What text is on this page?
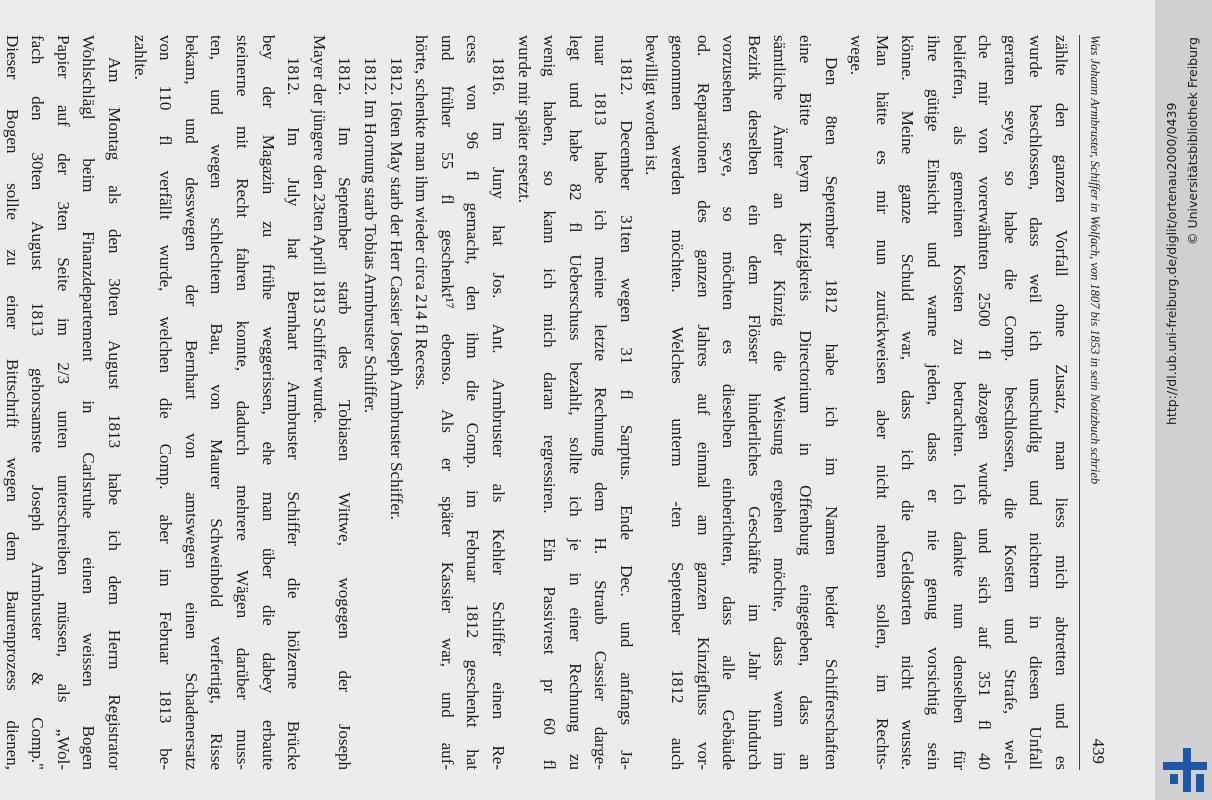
Was Johann Armbruster, Schiffer in Wolfach, von 1807 bis 1853 in sein Notizbuch schrieb
439
zählte den ganzen Vorfall ohne Zusatz, man liess mich abtretten und es
wurde beschlossen, dass weil ich unschuldig und nichtern in diesen Unfall
geraten seye, so habe die Comp. beschlossen, die Kosten und Strafe, wel-
che mir von vorerwähnten 2500 fl abzogen wurde und sich auf 351 fl 40
belieffen, als gemeinen Kosten zu betrachten. Ich dankte nun denselben für
ihre gütige Einsicht und warne jeden, dass er nie genug vorsichtig sein
könne. Meine ganze Schuld war, dass ich die Geldsorten nicht wusste.
Man hätte es mir nun zurückweisen aber nicht nehmen sollen, im Rechts-
wege.
Den 8ten September 1812 habe ich im Namen beider Schifferschaften
eine Bitte beym Kinzigkreis Directorium in Offenburg eingegeben, dass an
sämtliche Ämter an der Kinzig die Weisung ergehen möchte, dass wenn im
Bezirk derselben ein dem Flösser hinderliches Geschäfte im Jahr hindurch
vorzusehen seye, so möchten es dieselben einberichten, dass alle Gebäude
od. Reparationen des ganzen Jahres auf einmal am ganzen Kinzigfluss vor-
genommen werden möchten. Welches unterm -ten September 1812 auch
bewilligt worden ist.
1812. December 31ten wegen 31 fl Sarptus. Ende Dec. und anfangs Ja-
nuar 1813 habe ich meine letzte Rechnung dem H. Straub Cassier darge-
legt und habe 82 fl Ueberschuss bezahlt, sollte ich je in einer Rechnung zu
wenig haben, so kann ich mich daran regressiren. Ein Passivrest pr 60 fl
wurde mir später ersetzt.
1816. Im Juny hat Jos. Ant. Armbruster als Kehler Schiffer einen Re-
cess von 96 fl gemacht, den ihm die Comp. im Februar 1812 geschenkt hat
und früher 55 fl geschenkt¹⁷ ebenso. Als er später Kassier war, und auf-
hörte, schenkte man ihm wieder circa 214 fl Recess.
1812. 16ten May starb der Herr Cassier Joseph Armbruster Schiffer.
1812. Im Hornung starb Tobias Armbruster Schiffer.
1812. Im September starb des Tobiasen Wittwe, wogegen der Joseph
Mayer der jüngere den 23ten Aprill 1813 Schiffer wurde.
1812. Im July hat Bernhart Armbruster Schiffer die hölzerne Brücke
bey der Magazin zu frühe weggerissen, ehe man über die dabey erbaute
steinerne mit Recht fahren konnte, dadurch mehrere Wägen darüber muss-
ten, und wegen schlechtem Bau, von Maurer Schweinbold verfertigt, Risse
bekam, und desswegen der Bernhart von amtswegen einen Schadenersatz
von 110 fl verfällt wurde, welchen die Comp. aber im Februar 1813 be-
zahlte.
Am Montag als den 30ten August 1813 habe ich dem Herrn Registrator
Wohlschlägl beim Finanzdepartement in Carlsruhe einen weissen Bogen
Papier auf der 3ten Seite im 2/3 unten unterschreiben müssen, als „Wol-
fach den 30ten August 1813 gehorsamste Joseph Armbruster & Comp."
Dieser Bogen sollte zu einer Bittschrift wegen dem Baurenprozess dienen,	http://dl.ub.uni-freiburg.de/diglit/ortenau2000/0439 © Universitätsbibliothek Freiburg
